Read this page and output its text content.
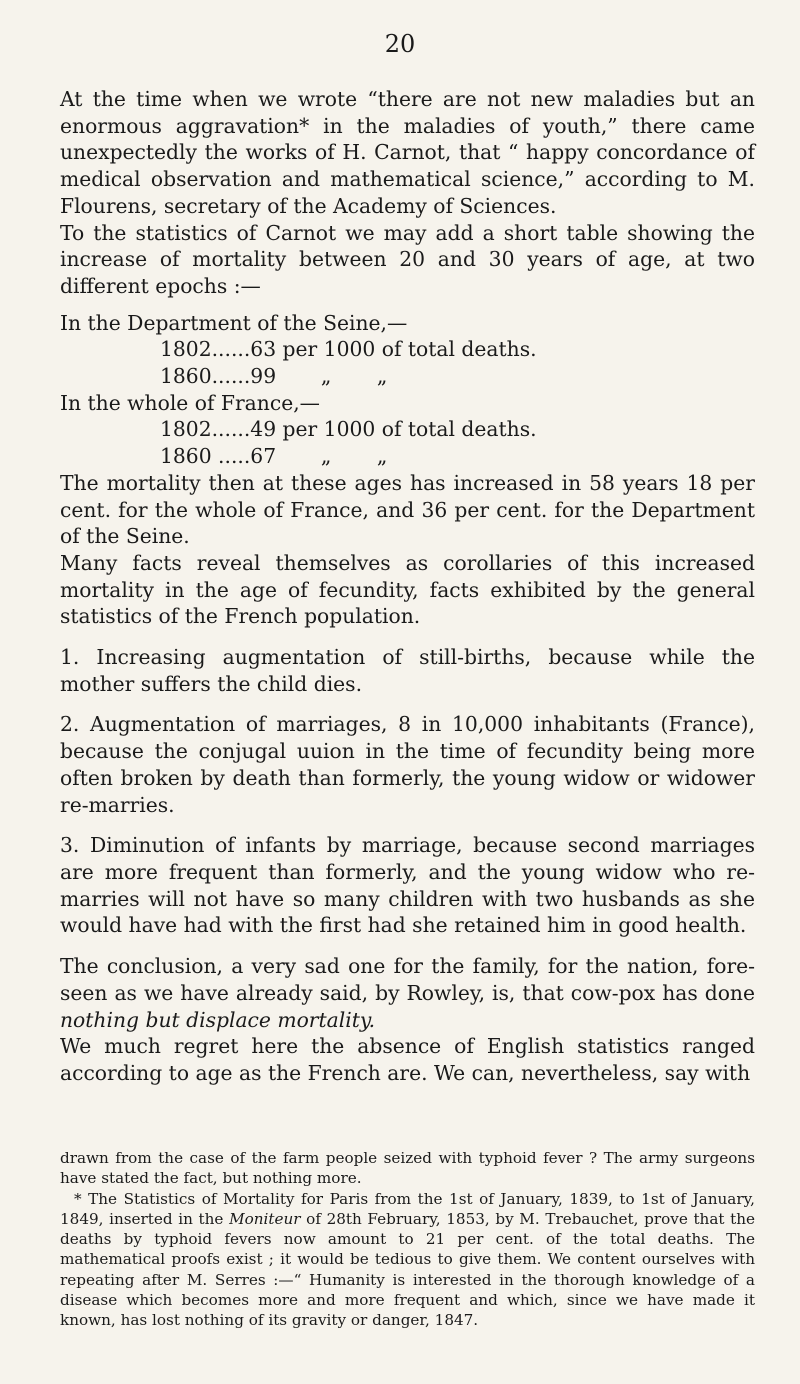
20

At the time when we wrote “there are not new maladies but an enormous aggravation* in the maladies of youth,” there came unexpectedly the works of H. Carnot, that “ happy concordance of medical observation and mathematical science,” according to M. Flourens, secretary of the Academy of Sciences.

To the statistics of Carnot we may add a short table showing the increase of mortality between 20 and 30 years of age, at two different epochs :—

In the Department of the Seine,—

1802......63 per 1000 of total deaths.

1860......99 „ „

In the whole of France,—

1802......49 per 1000 of total deaths.

1860 .....67 „ „

The mortality then at these ages has increased in 58 years 18 per cent. for the whole of France, and 36 per cent. for the Department of the Seine.

Many facts reveal themselves as corollaries of this increased mortality in the age of fecundity, facts exhibited by the general statistics of the French population.

1. Increasing augmentation of still-births, because while the mother suffers the child dies.

2. Augmentation of marriages, 8 in 10,000 inhabitants (France), because the conjugal uuion in the time of fecundity being more often broken by death than formerly, the young widow or widower re-marries.

3. Diminution of infants by marriage, because second marriages are more frequent than formerly, and the young widow who re-marries will not have so many children with two husbands as she would have had with the first had she retained him in good health.

The conclusion, a very sad one for the family, for the nation, fore-seen as we have already said, by Rowley, is, that cow-pox has done nothing but displace mortality.

We much regret here the absence of English statistics ranged according to age as the French are. We can, nevertheless, say with

drawn from the case of the farm people seized with typhoid fever ? The army surgeons have stated the fact, but nothing more.

* The Statistics of Mortality for Paris from the 1st of January, 1839, to 1st of January, 1849, inserted in the Moniteur of 28th February, 1853, by M. Trebauchet, prove that the deaths by typhoid fevers now amount to 21 per cent. of the total deaths. The mathematical proofs exist ; it would be tedious to give them. We content ourselves with repeating after M. Serres :—“ Humanity is interested in the thorough knowledge of a disease which becomes more and more frequent and which, since we have made it known, has lost nothing of its gravity or danger, 1847.
